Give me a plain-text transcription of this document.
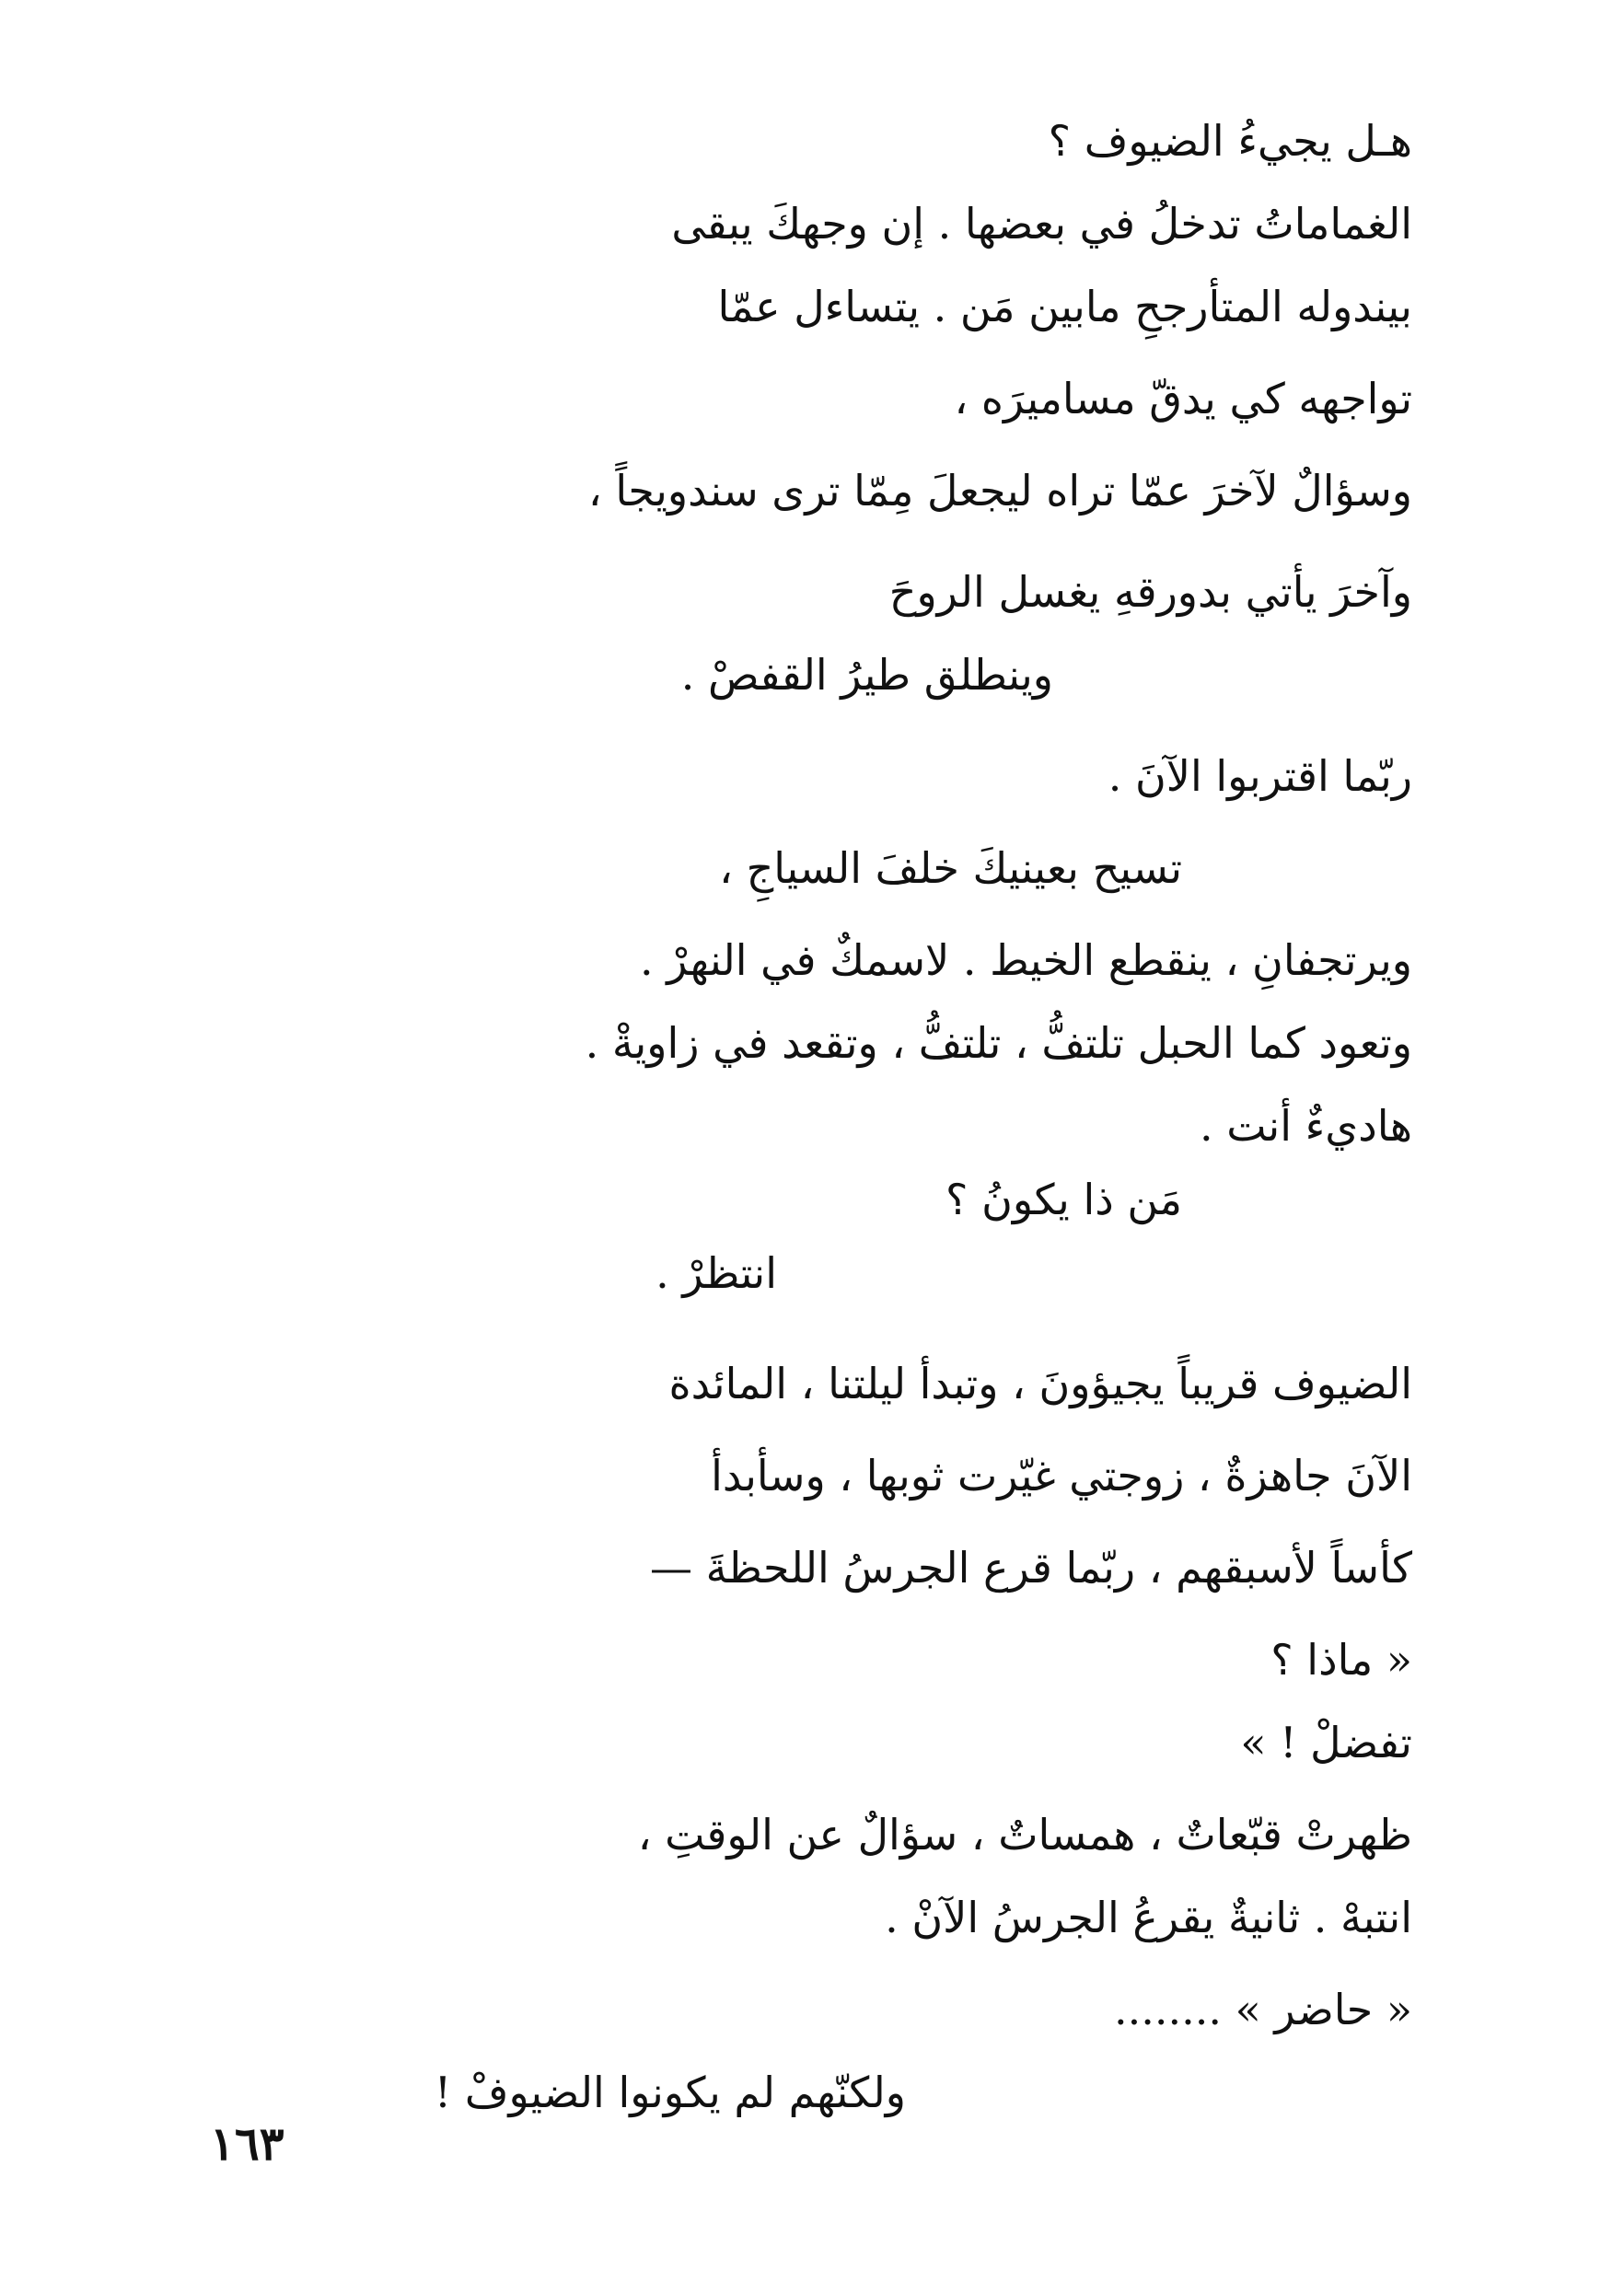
هـل يجيءُ الضيوف ؟
الغماماتُ تدخلُ في بعضها . إن وجهكَ يبقى
بيندوله المتأرجحِ مابين مَن . يتساءل عمّا
تواجهه كي يدقّ مساميرَه ،
وسؤالٌ لآخرَ عمّا تراه ليجعلَ مِمّا ترى سندويجاً ،
وآخرَ يأتي بدورقهِ يغسل الروحَ
وينطلق طيرُ القفصْ .
ربّما اقتربوا الآنَ .
تسيح بعينيكَ خلفَ السياجِ ،
ويرتجفانِ ، ينقطع الخيط . لاسمكٌ في النهرْ .
وتعود كما الحبل تلتفُّ ، تلتفُّ ، وتقعد في زاويةْ .
هاديءٌ أنت .
مَن ذا يكونُ ؟
انتظرْ .
الضيوف قريباً يجيؤونَ ، وتبدأ ليلتنا ، المائدة
الآنَ جاهزةٌ ، زوجتي غيّرت ثوبها ، وسأبدأ
كأساً لأسبقهم ، ربّما قرع الجرسُ اللحظةَ —
« ماذا ؟
تفضلْ ! »
ظهرتْ قبّعاتٌ ، همساتٌ ، سؤالٌ عن الوقتِ ،
انتبهْ . ثانيةٌ يقرعُ الجرسُ الآنْ .
« حاضر » ........
ولكنّهم لم يكونوا الضيوفْ !
١٦٣
